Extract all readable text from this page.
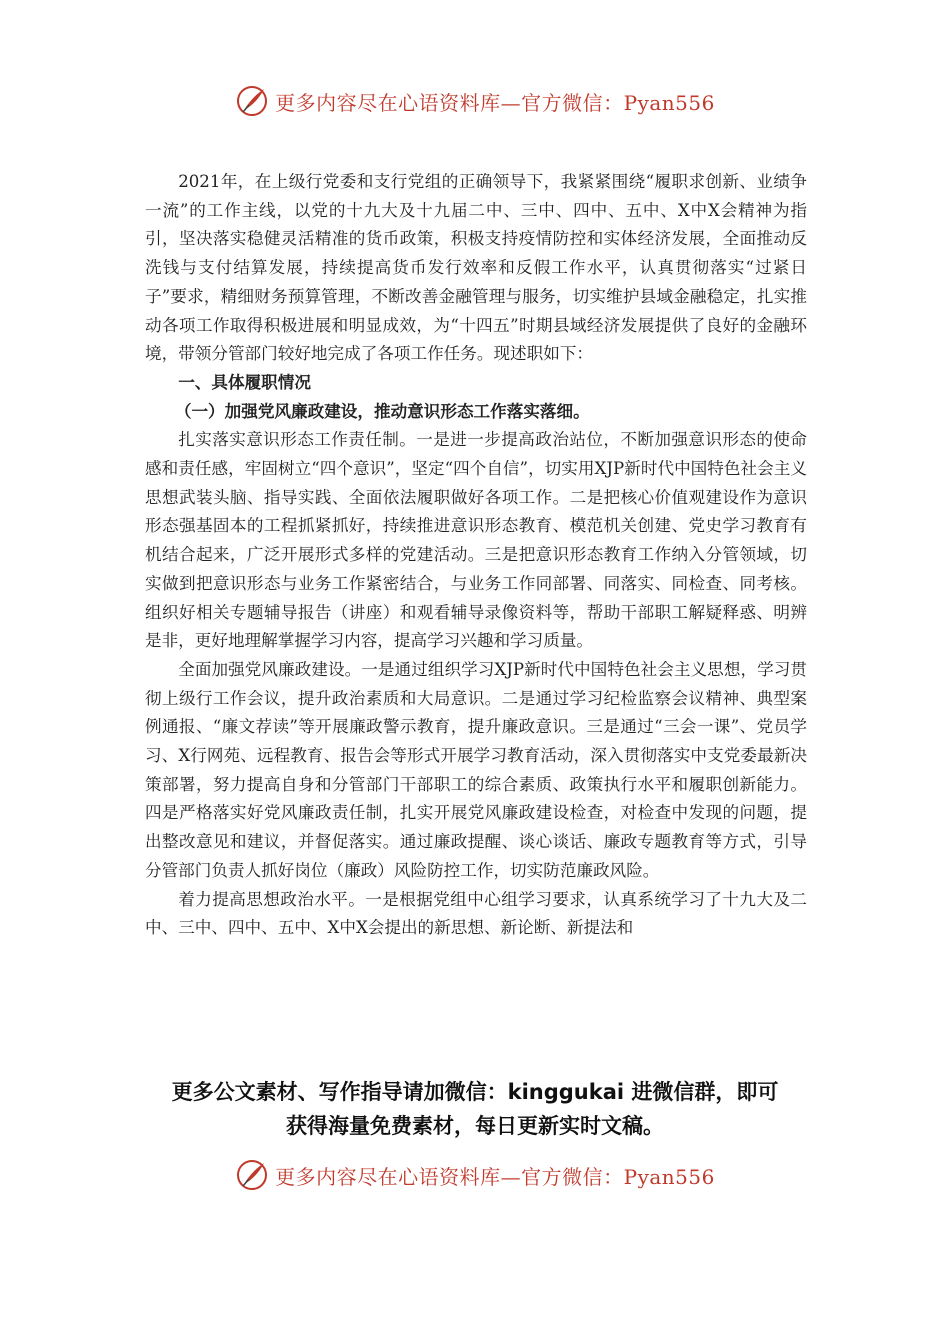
更多内容尽在心语资料库—官方微信：Pyan556

2021年，在上级行党委和支行党组的正确领导下，我紧紧围绕“履职求创新、业绩争一流”的工作主线，以党的十九大及十九届二中、三中、四中、五中、X中X会精神为指引，坚决落实稳健灵活精准的货币政策，积极支持疫情防控和实体经济发展，全面推动反洗钱与支付结算发展，持续提高货币发行效率和反假工作水平，认真贯彻落实“过紧日子”要求，精细财务预算管理，不断改善金融管理与服务，切实维护县域金融稳定，扎实推动各项工作取得积极进展和明显成效，为“十四五”时期县域经济发展提供了良好的金融环境，带领分管部门较好地完成了各项工作任务。现述职如下：

一、具体履职情况

（一）加强党风廉政建设，推动意识形态工作落实落细。

扎实落实意识形态工作责任制。一是进一步提高政治站位，不断加强意识形态的使命感和责任感，牢固树立“四个意识”，坚定“四个自信”，切实用XJP新时代中国特色社会主义思想武装头脑、指导实践、全面依法履职做好各项工作。二是把核心价值观建设作为意识形态强基固本的工程抓紧抓好，持续推进意识形态教育、模范机关创建、党史学习教育有机结合起来，广泛开展形式多样的党建活动。三是把意识形态教育工作纳入分管领域，切实做到把意识形态与业务工作紧密结合，与业务工作同部署、同落实、同检查、同考核。组织好相关专题辅导报告（讲座）和观看辅导录像资料等，帮助干部职工解疑释惑、明辨是非，更好地理解掌握学习内容，提高学习兴趣和学习质量。

全面加强党风廉政建设。一是通过组织学习XJP新时代中国特色社会主义思想，学习贯彻上级行工作会议，提升政治素质和大局意识。二是通过学习纪检监察会议精神、典型案例通报、“廉文荐读”等开展廉政警示教育，提升廉政意识。三是通过“三会一课”、党员学习、X行网苑、远程教育、报告会等形式开展学习教育活动，深入贯彻落实中支党委最新决策部署，努力提高自身和分管部门干部职工的综合素质、政策执行水平和履职创新能力。四是严格落实好党风廉政责任制，扎实开展党风廉政建设检查，对检查中发现的问题，提出整改意见和建议，并督促落实。通过廉政提醒、谈心谈话、廉政专题教育等方式，引导分管部门负责人抓好岗位（廉政）风险防控工作，切实防范廉政风险。

着力提高思想政治水平。一是根据党组中心组学习要求，认真系统学习了十九大及二中、三中、四中、五中、X中X会提出的新思想、新论断、新提法和

更多公文素材、写作指导请加微信：kinggukai 进微信群，即可
获得海量免费素材，每日更新实时文稿。
更多内容尽在心语资料库—官方微信：Pyan556
